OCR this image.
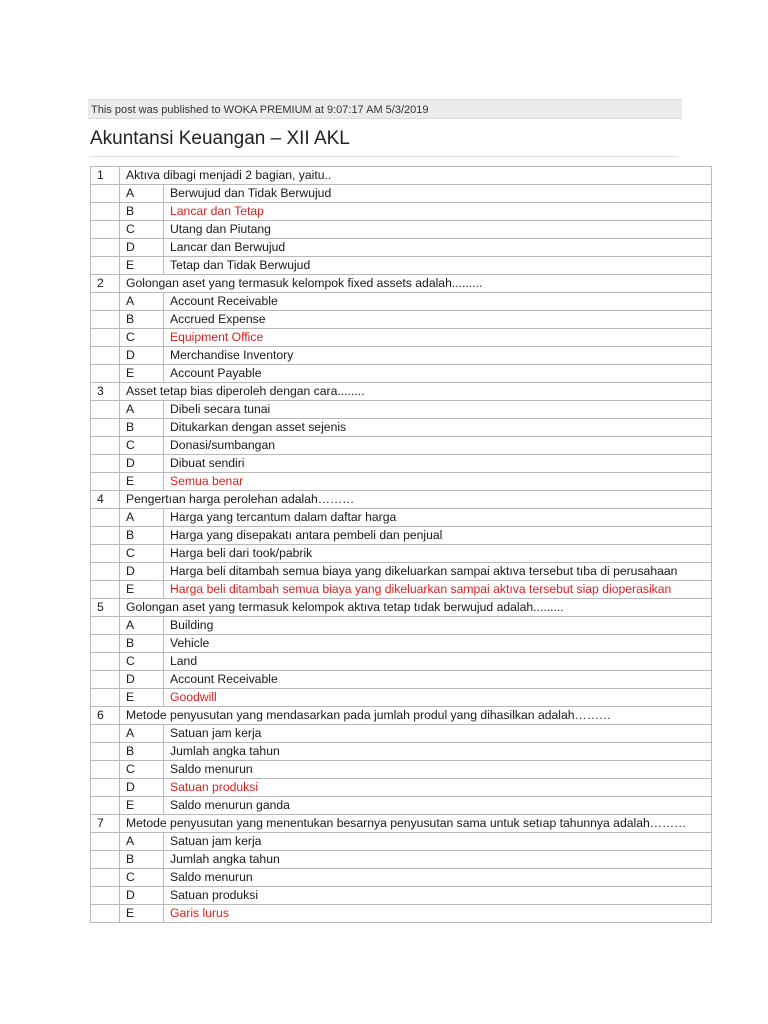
This post was published to WOKA PREMIUM at 9:07:17 AM 5/3/2019
Akuntansi Keuangan – XII AKL
1	Aktıva dibagi menjadi 2 bagian, yaitu..	
	A	Berwujud dan Tidak Berwujud
	B	Lancar dan Tetap
	C	Utang dan Piutang
	D	Lancar dan Berwujud
	E	Tetap dan Tidak Berwujud
2	Golongan aset yang termasuk kelompok fixed assets adalah.........	
	A	Account Receivable
	B	Accrued Expense
	C	Equipment Office
	D	Merchandise Inventory
	E	Account Payable
3	Asset tetap bias diperoleh dengan cara........	
	A	Dibeli secara tunai
	B	Ditukarkan dengan asset sejenis
	C	Donasi/sumbangan
	D	Dibuat sendiri
	E	Semua benar
4	Pengertıan harga perolehan adalah………	
	A	Harga yang tercantum dalam daftar harga
	B	Harga yang disepakatı antara pembeli dan penjual
	C	Harga beli dari took/pabrik
	D	Harga beli ditambah semua biaya yang dikeluarkan sampai aktıva tersebut tıba di perusahaan
	E	Harga beli ditambah semua biaya yang dikeluarkan sampai aktıva tersebut siap dioperasikan
5	Golongan aset yang termasuk kelompok aktıva tetap tıdak berwujud adalah.........	
	A	Building
	B	Vehicle
	C	Land
	D	Account Receivable
	E	Goodwill
6	Metode penyusutan yang mendasarkan pada jumlah produl yang dihasilkan adalah………	
	A	Satuan jam kerja
	B	Jumlah angka tahun
	C	Saldo menurun
	D	Satuan produksi
	E	Saldo menurun ganda
7	Metode penyusutan yang menentukan besarnya penyusutan sama untuk setıap tahunnya adalah………	
	A	Satuan jam kerja
	B	Jumlah angka tahun
	C	Saldo menurun
	D	Satuan produksi
	E	Garis lurus
